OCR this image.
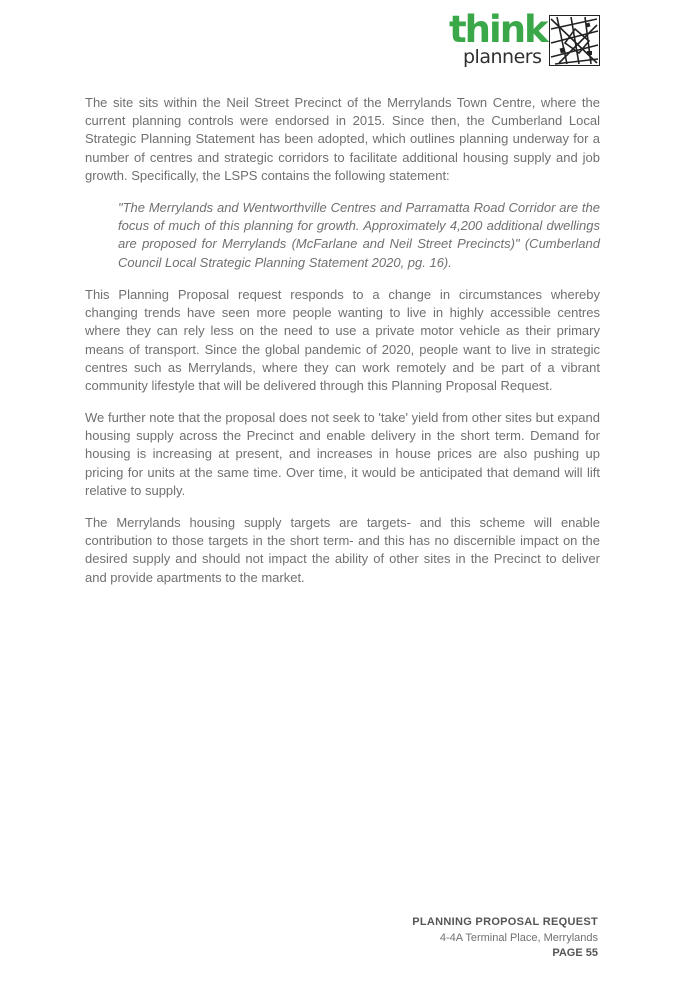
think
planners

The site sits within the Neil Street Precinct of the Merrylands Town Centre, where the current planning controls were endorsed in 2015. Since then, the Cumberland Local Strategic Planning Statement has been adopted, which outlines planning underway for a number of centres and strategic corridors to facilitate additional housing supply and job growth. Specifically, the LSPS contains the following statement:

"The Merrylands and Wentworthville Centres and Parramatta Road Corridor are the focus of much of this planning for growth. Approximately 4,200 additional dwellings are proposed for Merrylands (McFarlane and Neil Street Precincts)" (Cumberland Council Local Strategic Planning Statement 2020, pg. 16).

This Planning Proposal request responds to a change in circumstances whereby changing trends have seen more people wanting to live in highly accessible centres where they can rely less on the need to use a private motor vehicle as their primary means of transport. Since the global pandemic of 2020, people want to live in strategic centres such as Merrylands, where they can work remotely and be part of a vibrant community lifestyle that will be delivered through this Planning Proposal Request.

We further note that the proposal does not seek to 'take' yield from other sites but expand housing supply across the Precinct and enable delivery in the short term. Demand for housing is increasing at present, and increases in house prices are also pushing up pricing for units at the same time. Over time, it would be anticipated that demand will lift relative to supply.

The Merrylands housing supply targets are targets- and this scheme will enable contribution to those targets in the short term- and this has no discernible impact on the desired supply and should not impact the ability of other sites in the Precinct to deliver and provide apartments to the market.

PLANNING PROPOSAL REQUEST

4-4A Terminal Place, Merrylands

PAGE 55
